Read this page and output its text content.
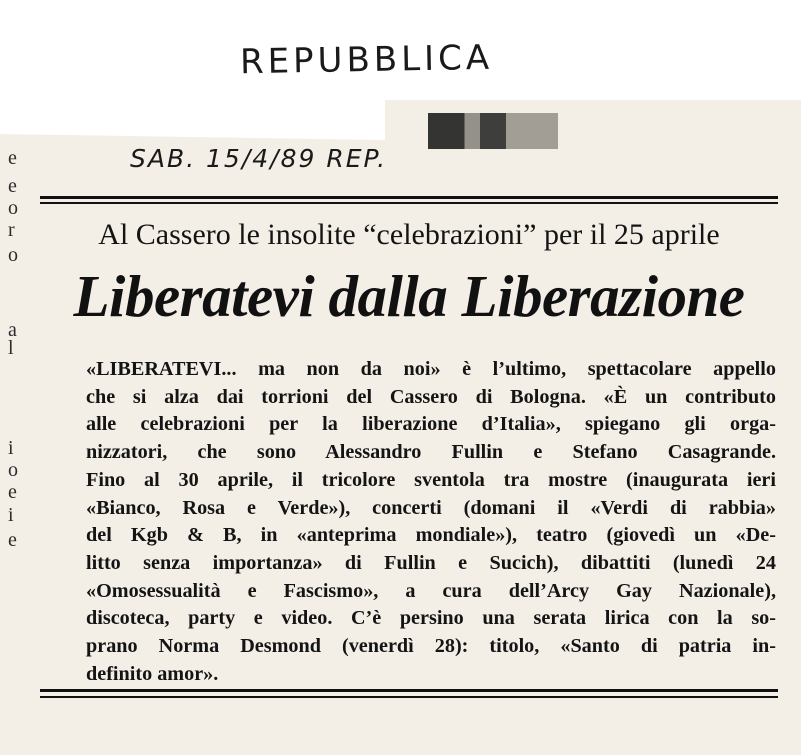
e
e
o
r
o
a
l
i
o
e
i
e
REPUBBLICA
SAB. 15/4/89 REP.
Al Cassero le insolite “celebrazioni” per il 25 aprile
Liberatevi dalla Liberazione

«LIBERATEVI... ma non da noi» è l’ultimo, spettacolare appello
che si alza dai torrioni del Cassero di Bologna. «È un contributo
alle celebrazioni per la liberazione d’Italia», spiegano gli orga-
nizzatori, che sono Alessandro Fullin e Stefano Casagrande.
Fino al 30 aprile, il tricolore sventola tra mostre (inaugurata ieri
«Bianco, Rosa e Verde»), concerti (domani il «Verdi di rabbia»
del Kgb & B, in «anteprima mondiale»), teatro (giovedì un «De-
litto senza importanza» di Fullin e Sucich), dibattiti (lunedì 24
«Omosessualità e Fascismo», a cura dell’Arcy Gay Nazionale),
discoteca, party e video. C’è persino una serata lirica con la so-
prano Norma Desmond (venerdì 28): titolo, «Santo di patria in-
definito amor».
